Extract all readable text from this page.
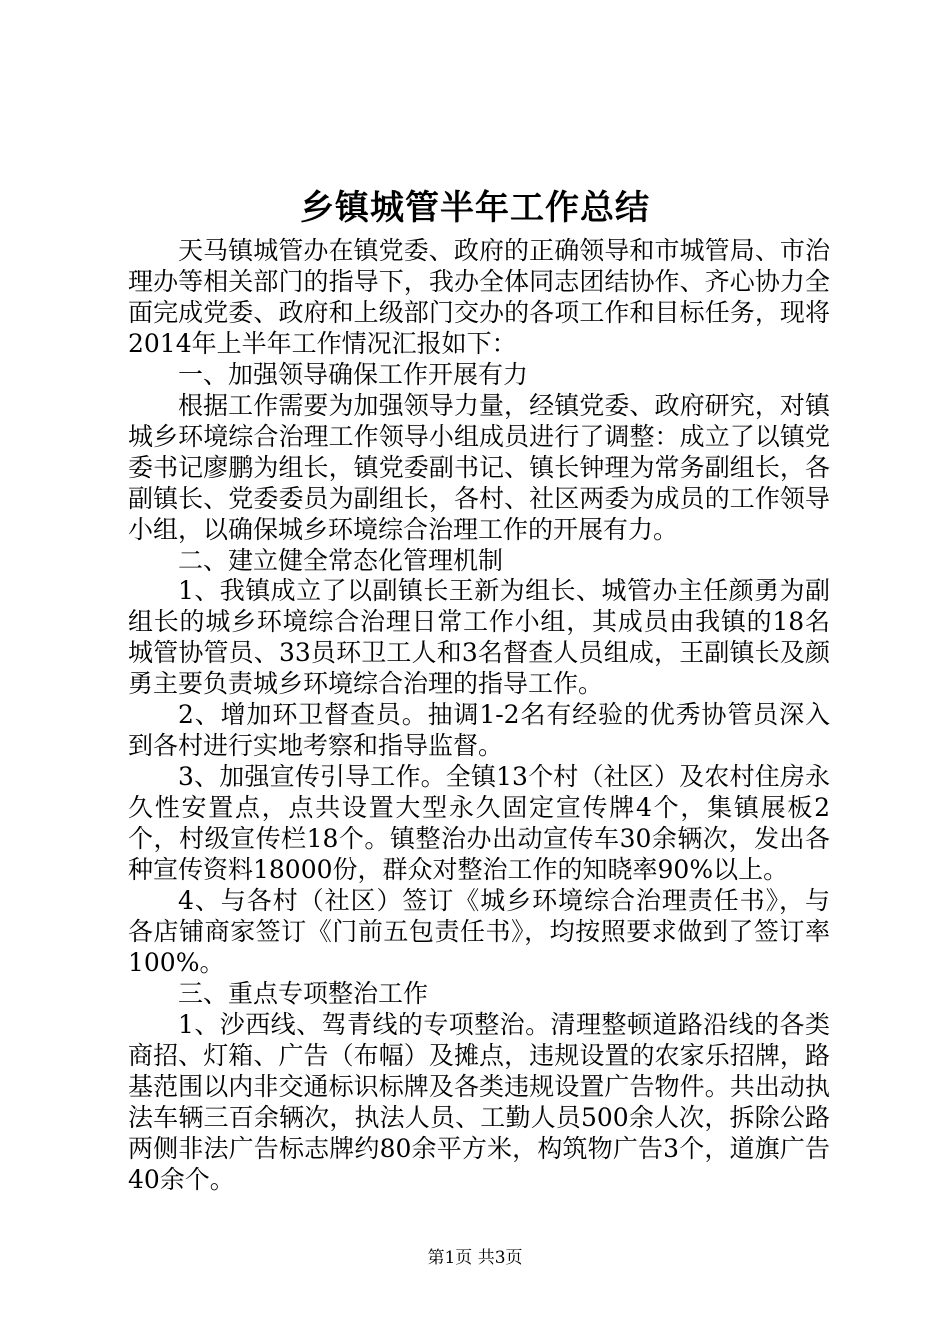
乡镇城管半年工作总结

天马镇城管办在镇党委、政府的正确领导和市城管局、市治理办等相关部门的指导下，我办全体同志团结协作、齐心协力全面完成党委、政府和上级部门交办的各项工作和目标任务，现将2014年上半年工作情况汇报如下：

一、加强领导确保工作开展有力

根据工作需要为加强领导力量，经镇党委、政府研究，对镇城乡环境综合治理工作领导小组成员进行了调整：成立了以镇党委书记廖鹏为组长，镇党委副书记、镇长钟理为常务副组长，各副镇长、党委委员为副组长，各村、社区两委为成员的工作领导小组，以确保城乡环境综合治理工作的开展有力。

二、建立健全常态化管理机制

1、我镇成立了以副镇长王新为组长、城管办主任颜勇为副组长的城乡环境综合治理日常工作小组，其成员由我镇的18名城管协管员、33员环卫工人和3名督查人员组成，王副镇长及颜勇主要负责城乡环境综合治理的指导工作。

2、增加环卫督查员。抽调1-2名有经验的优秀协管员深入到各村进行实地考察和指导监督。

3、加强宣传引导工作。全镇13个村（社区）及农村住房永久性安置点，点共设置大型永久固定宣传牌4个，集镇展板2个，村级宣传栏18个。镇整治办出动宣传车30余辆次，发出各种宣传资料18000份，群众对整治工作的知晓率90%以上。

4、与各村（社区）签订《城乡环境综合治理责任书》，与各店铺商家签订《门前五包责任书》，均按照要求做到了签订率100%。

三、重点专项整治工作

1、沙西线、驾青线的专项整治。清理整顿道路沿线的各类商招、灯箱、广告（布幅）及摊点，违规设置的农家乐招牌，路基范围以内非交通标识标牌及各类违规设置广告物件。共出动执法车辆三百余辆次，执法人员、工勤人员500余人次，拆除公路两侧非法广告标志牌约80余平方米，构筑物广告3个，道旗广告40余个。

第1页 共3页
